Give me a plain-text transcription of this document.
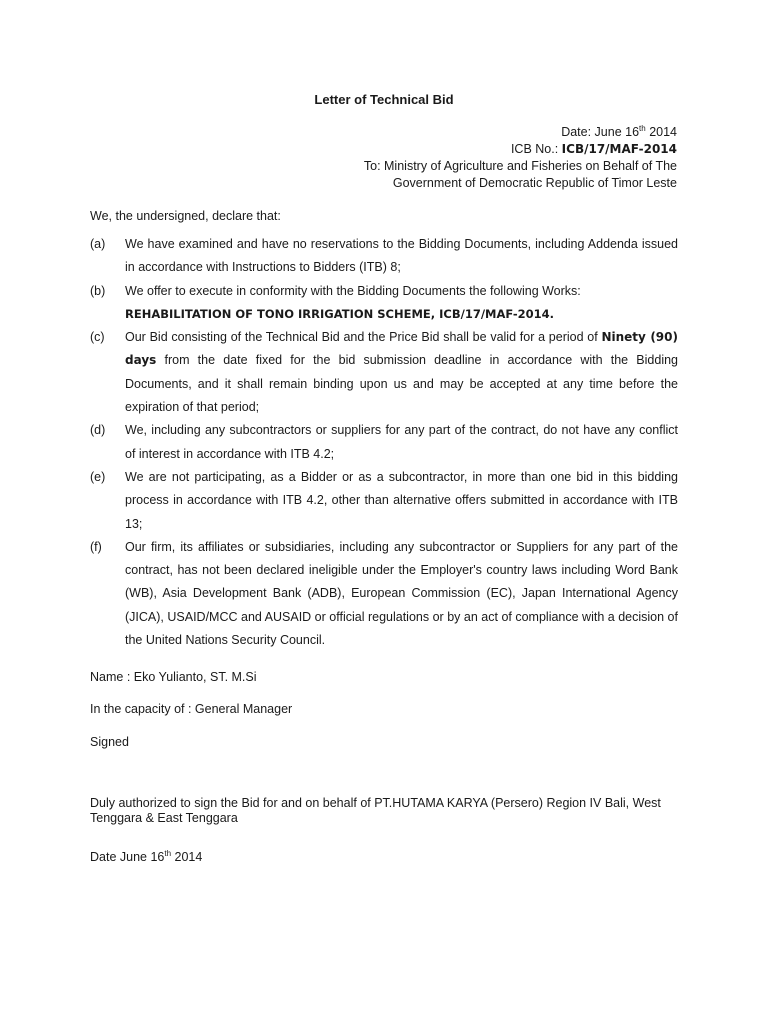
Letter of Technical Bid
Date: June 16th 2014
ICB No.: ICB/17/MAF-2014
To: Ministry of Agriculture and Fisheries on Behalf of The
Government of Democratic Republic of Timor Leste
We, the undersigned, declare that:
(a)	We have examined and have no reservations to the Bidding Documents, including Addenda issued in accordance with Instructions to Bidders (ITB) 8;
(b)	We offer to execute in conformity with the Bidding Documents the following Works:
REHABILITATION OF TONO IRRIGATION SCHEME, ICB/17/MAF-2014.
(c)	Our Bid consisting of the Technical Bid and the Price Bid shall be valid for a period of Ninety (90) days from the date fixed for the bid submission deadline in accordance with the Bidding Documents, and it shall remain binding upon us and may be accepted at any time before the expiration of that period;
(d)	We, including any subcontractors or suppliers for any part of the contract, do not have any conflict of interest in accordance with ITB 4.2;
(e)	We are not participating, as a Bidder or as a subcontractor, in more than one bid in this bidding process in accordance with ITB 4.2, other than alternative offers submitted in accordance with ITB 13;
(f)	Our firm, its affiliates or subsidiaries, including any subcontractor or Suppliers for any part of the contract, has not been declared ineligible under the Employer's country laws including Word Bank (WB), Asia Development Bank (ADB), European Commission (EC), Japan International Agency (JICA), USAID/MCC and AUSAID or official regulations or by an act of compliance with a decision of the United Nations Security Council.
Name : Eko Yulianto, ST. M.Si
In the capacity of : General Manager
Signed
Duly authorized to sign the Bid for and on behalf of PT.HUTAMA KARYA (Persero) Region IV Bali, West Tenggara & East Tenggara
Date June 16th 2014
